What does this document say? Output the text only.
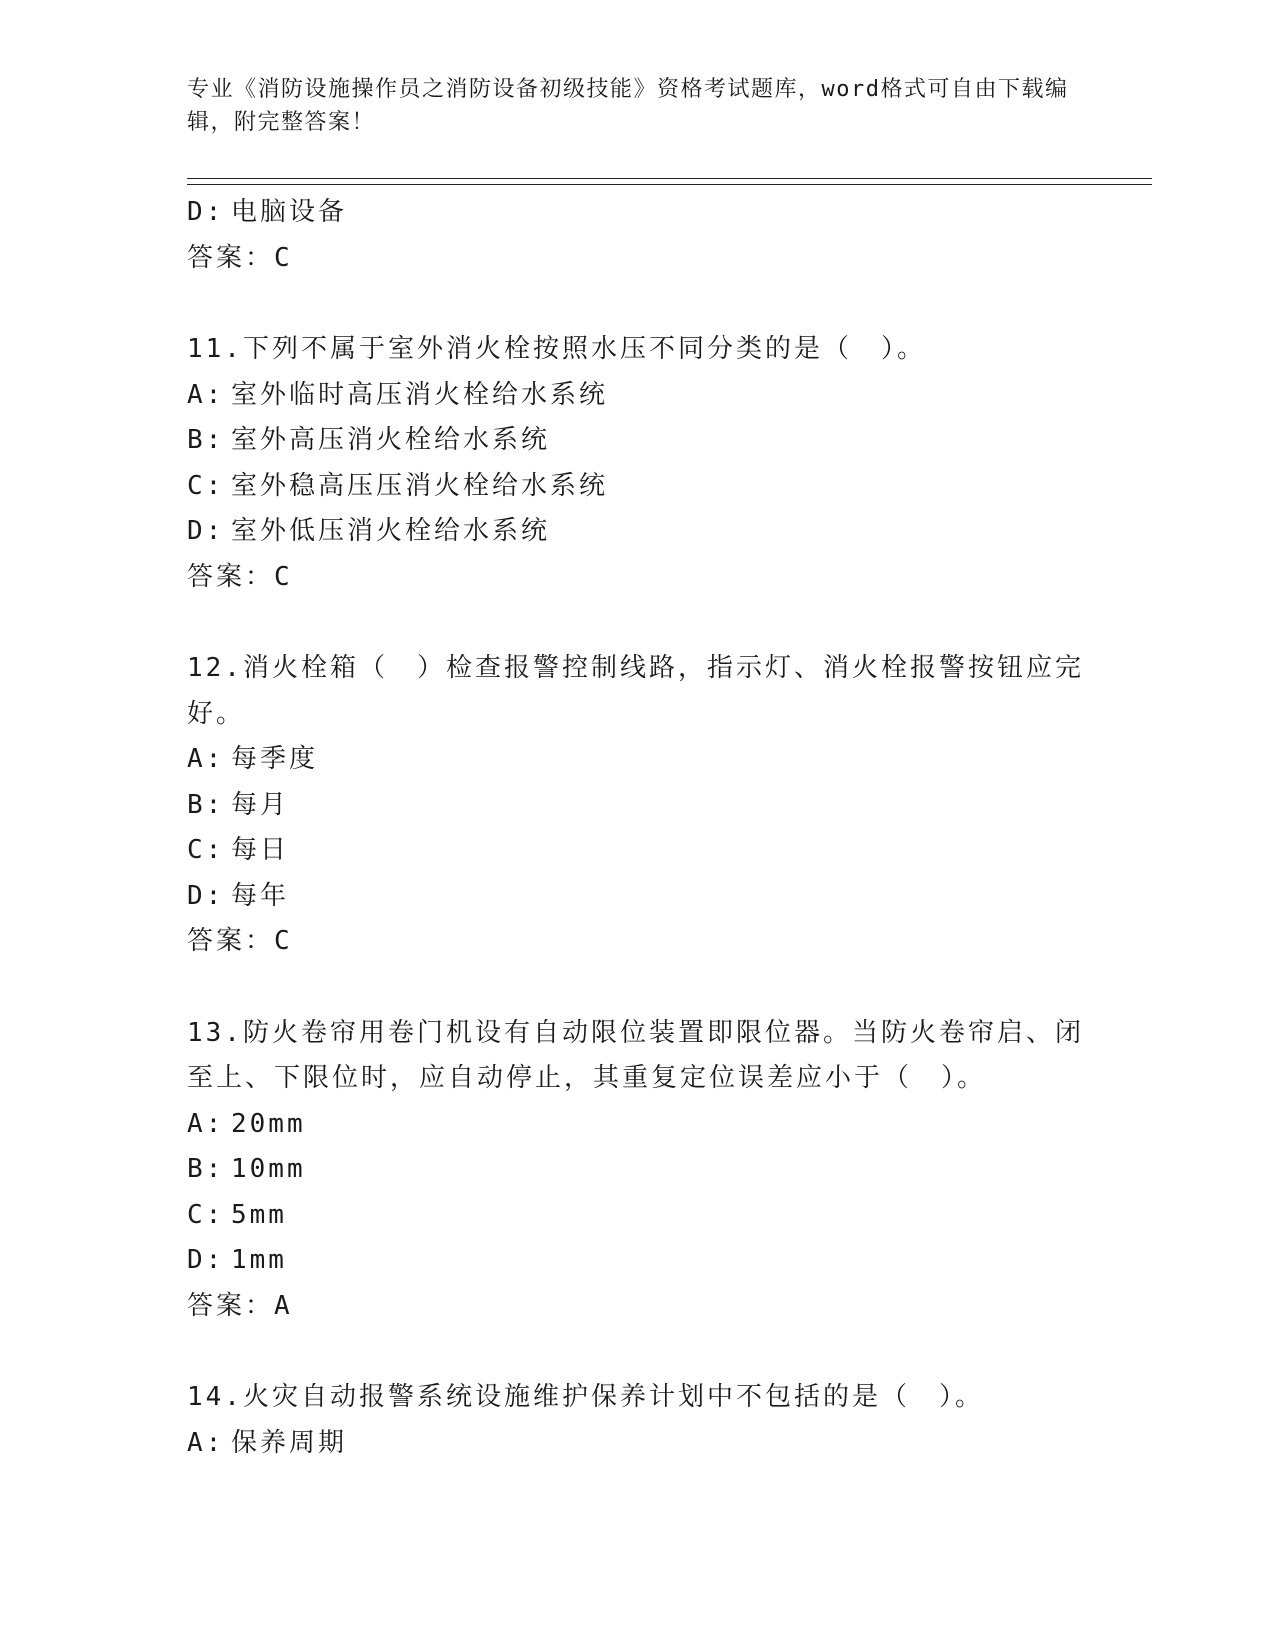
专业《消防设施操作员之消防设备初级技能》资格考试题库，word格式可自由下载编辑，附完整答案！
D: 电脑设备
答案：C
11.下列不属于室外消火栓按照水压不同分类的是（　）。
A: 室外临时高压消火栓给水系统
B: 室外高压消火栓给水系统
C: 室外稳高压压消火栓给水系统
D: 室外低压消火栓给水系统
答案：C
12.消火栓箱（　）检查报警控制线路，指示灯、消火栓报警按钮应完好。
A: 每季度
B: 每月
C: 每日
D: 每年
答案：C
13.防火卷帘用卷门机设有自动限位装置即限位器。当防火卷帘启、闭至上、下限位时，应自动停止，其重复定位误差应小于（　）。
A: 20mm
B: 10mm
C: 5mm
D: 1mm
答案：A
14.火灾自动报警系统设施维护保养计划中不包括的是（　）。
A: 保养周期
